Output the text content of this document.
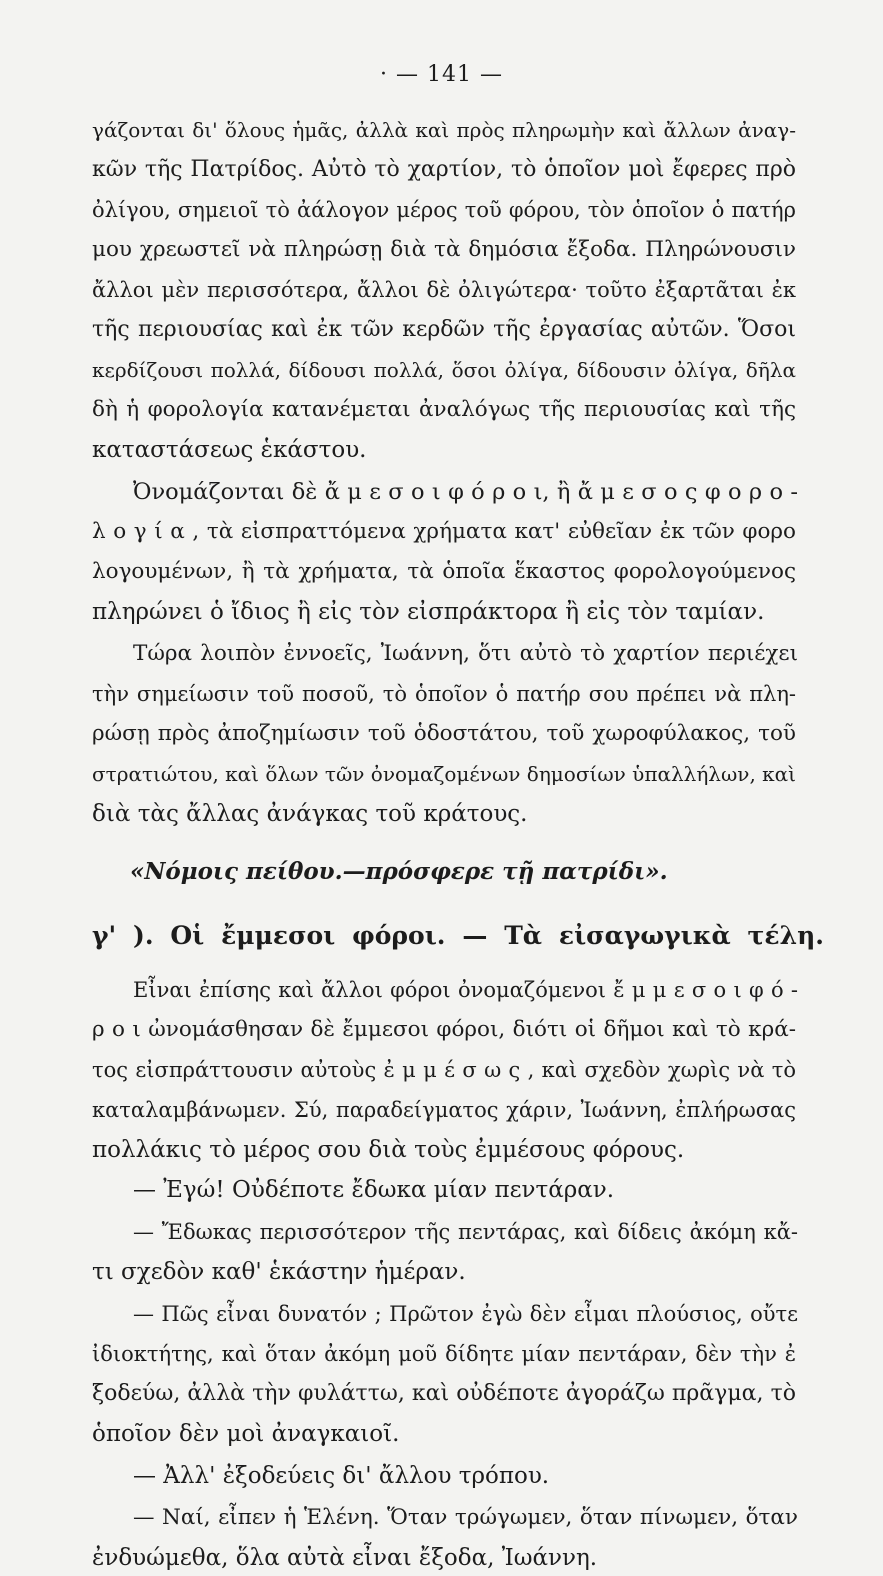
· — 141 —
γάζονται δι' ὅλους ἡμᾶς, ἀλλὰ καὶ πρὸς πληρωμὴν καὶ ἄλλων ἀναγ-
κῶν τῆς Πατρίδος. Αὐτὸ τὸ χαρτίον, τὸ ὁποῖον μοὶ ἔφερες πρὸ
ὀλίγου, σημειοῖ τὸ ἀάλογον μέρος τοῦ φόρου, τὸν ὁποῖον ὁ πατήρ
μου χρεωστεῖ νὰ πληρώσῃ διὰ τὰ δημόσια ἔξοδα. Πληρώνουσιν
ἄλλοι μὲν περισσότερα, ἄλλοι δὲ ὀλιγώτερα· τοῦτο ἐξαρτᾶται ἐκ
τῆς περιουσίας καὶ ἐκ τῶν κερδῶν τῆς ἐργασίας αὐτῶν. Ὅσοι
κερδίζουσι πολλά, δίδουσι πολλά, ὅσοι ὀλίγα, δίδουσιν ὀλίγα, δῆλα
δὴ ἡ φορολογία κατανέμεται ἀναλόγως τῆς περιουσίας καὶ τῆς
καταστάσεως ἑκάστου.
Ὀνομάζονται δὲ ἄ μ ε σ ο ι φ ό ρ ο ι, ἢ ἄ μ ε σ ο ς φ ο ρ ο -
λ ο γ ί α , τὰ εἰσπραττόμενα χρήματα κατ' εὐθεῖαν ἐκ τῶν φορο
λογουμένων, ἢ τὰ χρήματα, τὰ ὁποῖα ἕκαστος φορολογούμενος
πληρώνει ὁ ἴδιος ἢ εἰς τὸν εἰσπράκτορα ἢ εἰς τὸν ταμίαν.
Τώρα λοιπὸν ἐννοεῖς, Ἰωάννη, ὅτι αὐτὸ τὸ χαρτίον περιέχει
τὴν σημείωσιν τοῦ ποσοῦ, τὸ ὁποῖον ὁ πατήρ σου πρέπει νὰ πλη-
ρώσῃ πρὸς ἀποζημίωσιν τοῦ ὁδοστάτου, τοῦ χωροφύλακος, τοῦ
στρατιώτου, καὶ ὅλων τῶν ὀνομαζομένων δημοσίων ὑπαλλήλων, καὶ
διὰ τὰς ἄλλας ἀνάγκας τοῦ κράτους.
«Νόμοις πείθου.—πρόσφερε τῇ πατρίδι».
γ' ). Οἱ ἔμμεσοι φόροι. — Τὰ εἰσαγωγικὰ τέλη.
Εἶναι ἐπίσης καὶ ἄλλοι φόροι ὀνομαζόμενοι ἔ μ μ ε σ ο ι φ ό -
ρ ο ι ὠνομάσθησαν δὲ ἔμμεσοι φόροι, διότι οἱ δῆμοι καὶ τὸ κρά-
τος εἰσπράττουσιν αὐτοὺς ἐ μ μ έ σ ω ς , καὶ σχεδὸν χωρὶς νὰ τὸ
καταλαμβάνωμεν. Σύ, παραδείγματος χάριν, Ἰωάννη, ἐπλήρωσας
πολλάκις τὸ μέρος σου διὰ τοὺς ἐμμέσους φόρους.
— Ἐγώ! Οὐδέποτε ἔδωκα μίαν πεντάραν.
— Ἔδωκας περισσότερον τῆς πεντάρας, καὶ δίδεις ἀκόμη κἄ-
τι σχεδὸν καθ' ἑκάστην ἡμέραν.
— Πῶς εἶναι δυνατόν ; Πρῶτον ἐγὼ δὲν εἶμαι πλούσιος, οὔτε
ἰδιοκτήτης, καὶ ὅταν ἀκόμη μοῦ δίδητε μίαν πεντάραν, δὲν τὴν ἐ
ξοδεύω, ἀλλὰ τὴν φυλάττω, καὶ οὐδέποτε ἀγοράζω πρᾶγμα, τὸ
ὁποῖον δὲν μοὶ ἀναγκαιοῖ.
— Ἀλλ' ἐξοδεύεις δι' ἄλλου τρόπου.
— Ναί, εἶπεν ἡ Ἑλένη. Ὅταν τρώγωμεν, ὅταν πίνωμεν, ὅταν
ἐνδυώμεθα, ὅλα αὐτὰ εἶναι ἔξοδα, Ἰωάννη.
